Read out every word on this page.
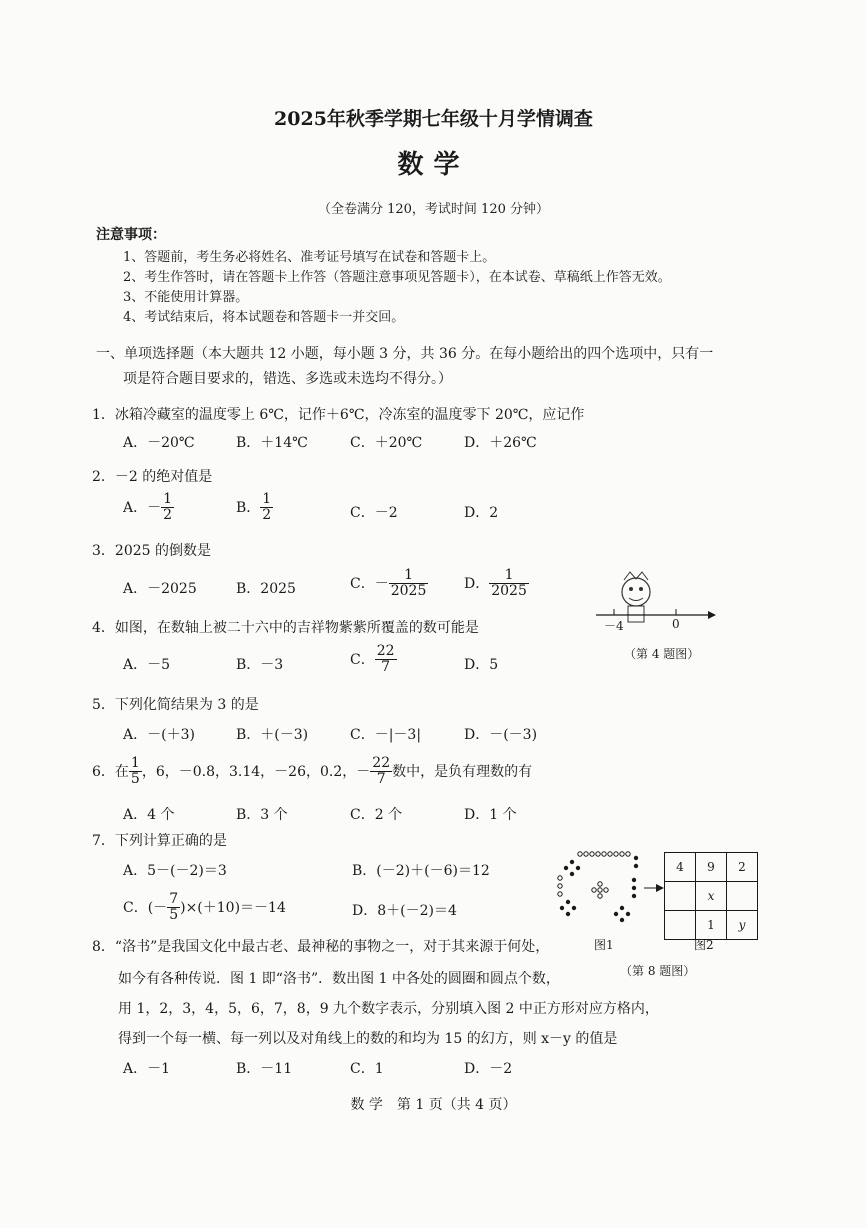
2025年秋季学期七年级十月学情调查
数学
（全卷满分 120，考试时间 120 分钟）
注意事项：
1、答题前，考生务必将姓名、准考证号填写在试卷和答题卡上。
2、考生作答时，请在答题卡上作答（答题注意事项见答题卡），在本试卷、草稿纸上作答无效。
3、不能使用计算器。
4、考试结束后，将本试题卷和答题卡一并交回。
一、单项选择题（本大题共 12 小题，每小题 3 分，共 36 分。在每小题给出的四个选项中，只有一
项是符合题目要求的，错选、多选或未选均不得分。）
1．冰箱冷藏室的温度零上 6℃，记作＋6℃，冷冻室的温度零下 20℃，应记作
A．－20℃	B．＋14℃	C．＋20℃	D．＋26℃
2．－2 的绝对值是
A．－ $\frac{1}{2}$	B． $\frac{1}{2}$	C．－2	D．2
3．2025 的倒数是
A．－2025	B．2025	C．－ $\frac{1}{2025}$	D． $\frac{1}{2025}$
－4	0
（第 4 题图）
4．如图，在数轴上被二十六中的吉祥物紫紫所覆盖的数可能是
A．－5	B．－3	C． $\frac{22}{7}$	D．5
5．下列化简结果为 3 的是
A．－(＋3)	B．＋(－3)	C．－|－3|	D．－(－3)
6．在 $\frac{1}{5}$ ，6，－0.8，3.14，－26，0.2̇，－ $\frac{22}{7}$ 数中，是负有理数的有
A．4 个	B．3 个	C．2 个	D．1 个
7．下列计算正确的是
A．5－(－2)＝3	B．(－2)＋(－6)＝12
C．(－ $\frac{7}{5} )\times(+10)=-14$	D．8＋(－2)＝4
4	9	2
	x	
	1	y
图1	图2
（第 8 题图）
8．“洛书”是我国文化中最古老、最神秘的事物之一，对于其来源于何处，
如今有各种传说．图 1 即“洛书”．数出图 1 中各处的圆圈和圆点个数，
用 1，2，3，4，5，6，7，8，9 九个数字表示，分别填入图 2 中正方形对应方格内，
得到一个每一横、每一列以及对角线上的数的和均为 15 的幻方，则 x－y 的值是
A．－1	B．－11	C．1	D．－2
数 学　第 1 页（共 4 页）
